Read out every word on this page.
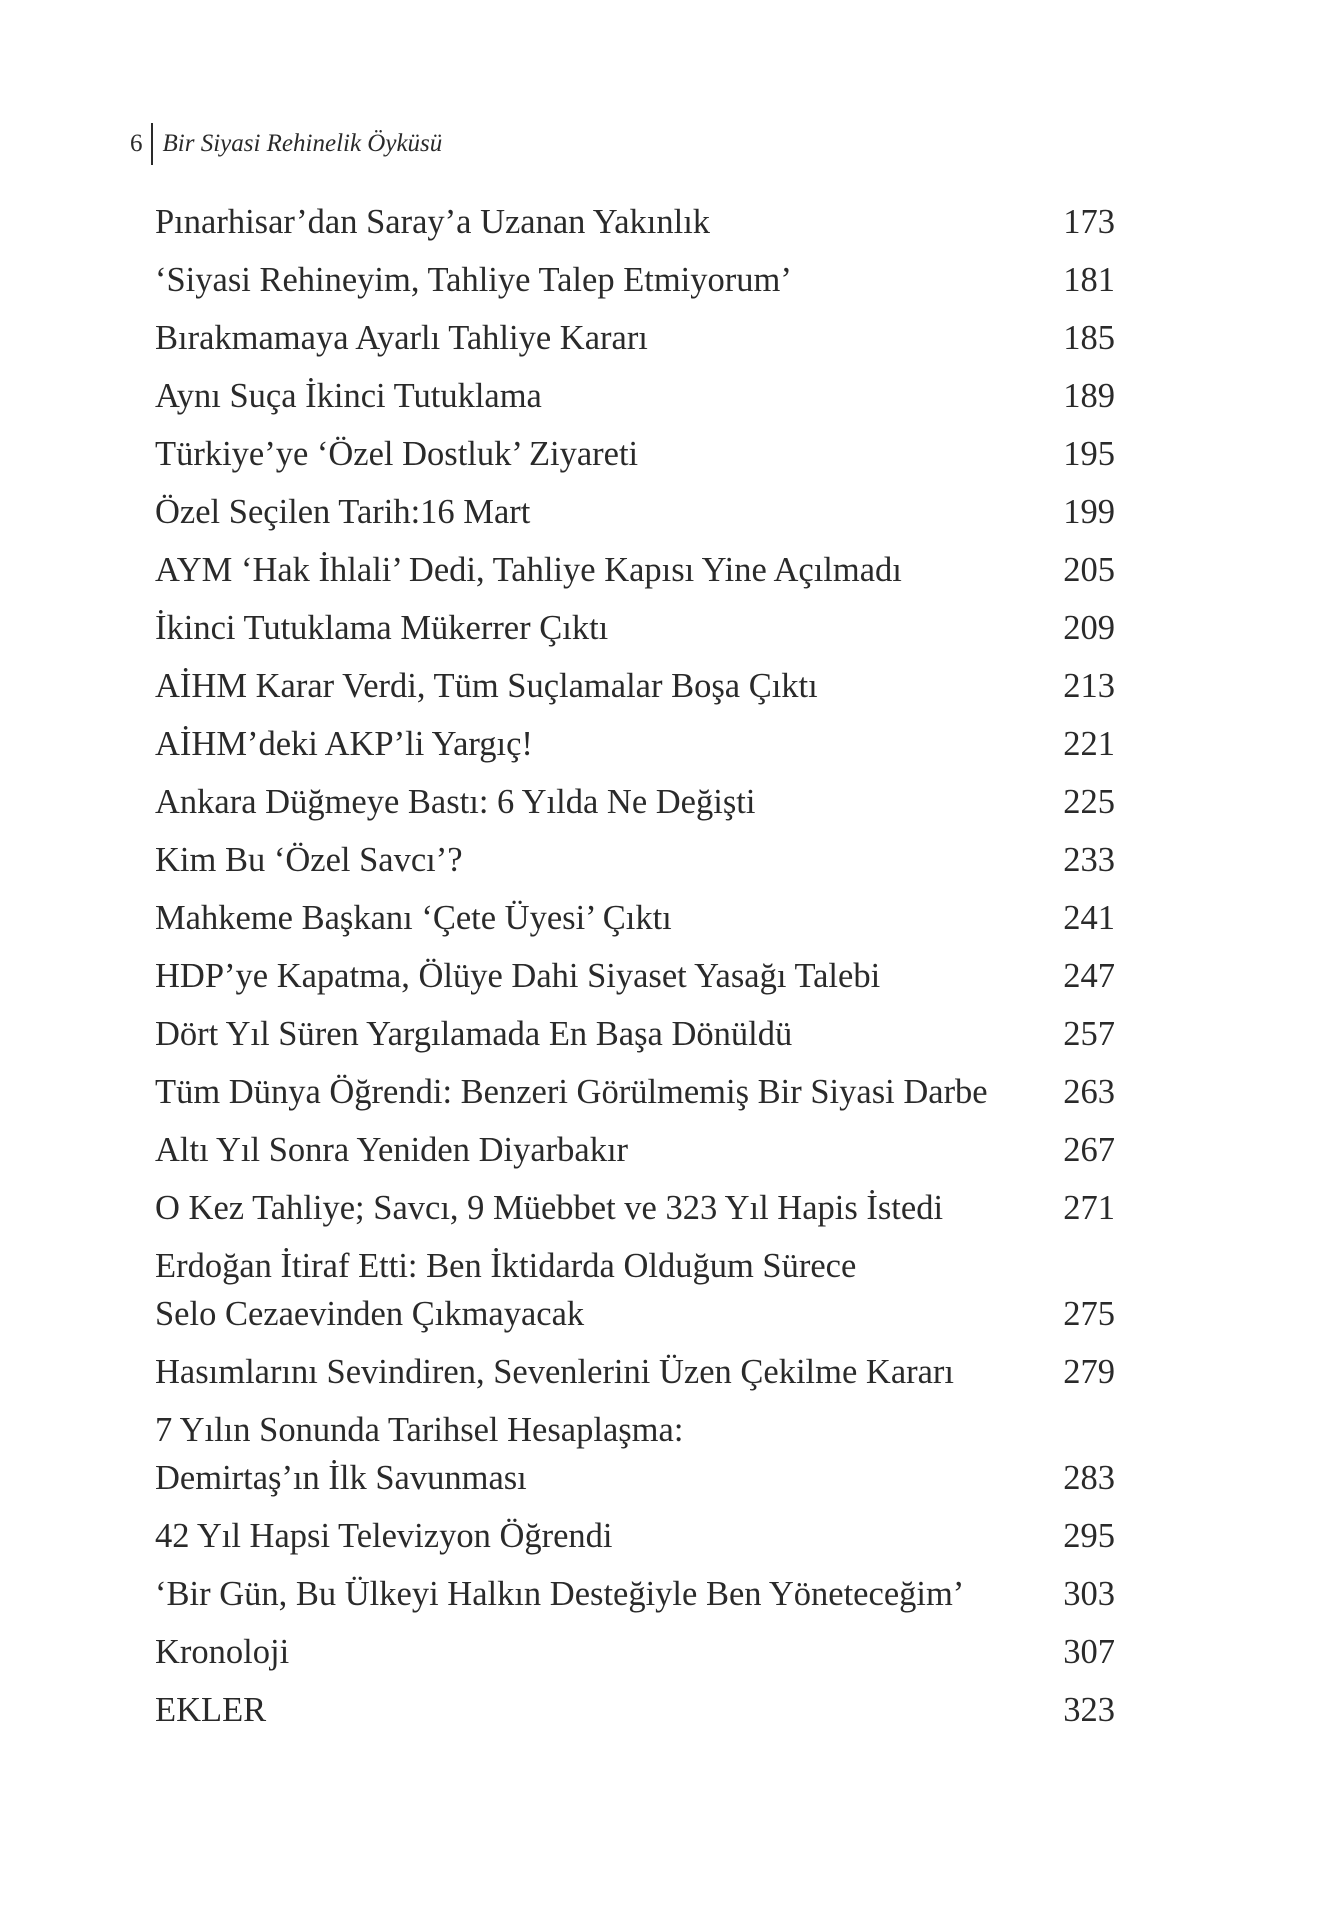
6 Bir Siyasi Rehinelik Öyküsü
Pınarhisar’dan Saray’a Uzanan Yakınlık	173
‘Siyasi Rehineyim, Tahliye Talep Etmiyorum’	181
Bırakmamaya Ayarlı Tahliye Kararı	185
Aynı Suça İkinci Tutuklama	189
Türkiye’ye ‘Özel Dostluk’ Ziyareti	195
Özel Seçilen Tarih:16 Mart	199
AYM ‘Hak İhlali’ Dedi, Tahliye Kapısı Yine Açılmadı	205
İkinci Tutuklama Mükerrer Çıktı	209
AİHM Karar Verdi, Tüm Suçlamalar Boşa Çıktı	213
AİHM’deki AKP’li Yargıç!	221
Ankara Düğmeye Bastı: 6 Yılda Ne Değişti	225
Kim Bu ‘Özel Savcı’?	233
Mahkeme Başkanı ‘Çete Üyesi’ Çıktı	241
HDP’ye Kapatma, Ölüye Dahi Siyaset Yasağı Talebi	247
Dört Yıl Süren Yargılamada En Başa Dönüldü	257
Tüm Dünya Öğrendi: Benzeri Görülmemiş Bir Siyasi Darbe	263
Altı Yıl Sonra Yeniden Diyarbakır	267
O Kez Tahliye; Savcı, 9 Müebbet ve 323 Yıl Hapis İstedi	271
Erdoğan İtiraf Etti: Ben İktidarda Olduğum Sürece
Selo Cezaevinden Çıkmayacak	275
Hasımlarını Sevindiren, Sevenlerini Üzen Çekilme Kararı	279
7 Yılın Sonunda Tarihsel Hesaplaşma:
Demirtaş’ın İlk Savunması	283
42 Yıl Hapsi Televizyon Öğrendi	295
‘Bir Gün, Bu Ülkeyi Halkın Desteğiyle Ben Yöneteceğim’	303
Kronoloji	307
EKLER	323
